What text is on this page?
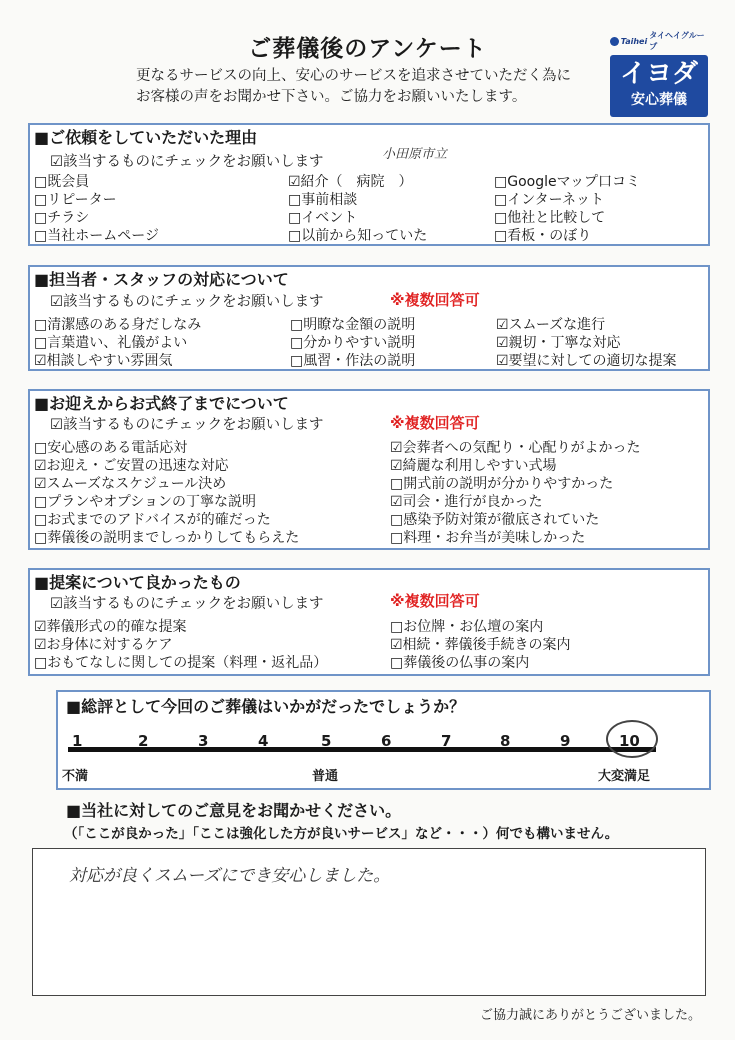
ご葬儀後のアンケート
更なるサービスの向上、安心のサービスを追求させていただく為に
お客様の声をお聞かせ下さい。ご協力をお願いいたします。
Taihei
タイヘイグループ
イヨダ
安心葬儀
■ご依頼をしていただいた理由
☑該当するものにチェックをお願いします	小田原市立
□既会員
□リピーター
□チラシ
□当社ホームページ
☑紹介（　病院　）
□事前相談
□イベント
□以前から知っていた
□Googleマップ口コミ
□インターネット
□他社と比較して
□看板・のぼり
■担当者・スタッフの対応について
☑該当するものにチェックをお願いします	※複数回答可
□清潔感のある身だしなみ
□言葉遣い、礼儀がよい
☑相談しやすい雰囲気
□明瞭な金額の説明
□分かりやすい説明
□風習・作法の説明
☑スムーズな進行
☑親切・丁寧な対応
☑要望に対しての適切な提案
■お迎えからお式終了までについて
☑該当するものにチェックをお願いします	※複数回答可
□安心感のある電話応対
☑お迎え・ご安置の迅速な対応
☑スムーズなスケジュール決め
□プランやオプションの丁寧な説明
□お式までのアドバイスが的確だった
□葬儀後の説明までしっかりしてもらえた
☑会葬者への気配り・心配りがよかった
☑綺麗な利用しやすい式場
□開式前の説明が分かりやすかった
☑司会・進行が良かった
□感染予防対策が徹底されていた
□料理・お弁当が美味しかった
■提案について良かったもの
☑該当するものにチェックをお願いします	※複数回答可
☑葬儀形式の的確な提案
☑お身体に対するケア
□おもてなしに関しての提案（料理・返礼品）
□お位牌・お仏壇の案内
☑相続・葬儀後手続きの案内
□葬儀後の仏事の案内
■総評として今回のご葬儀はいかがだったでしょうか？
1	2	3	4	5	6	7	8	9	10
不満	普通	大変満足
■当社に対してのご意見をお聞かせください。
（「ここが良かった」「ここは強化した方が良いサービス」など・・・）何でも構いません。
対応が良くスムーズにでき安心しました。
ご協力誠にありがとうございました。
